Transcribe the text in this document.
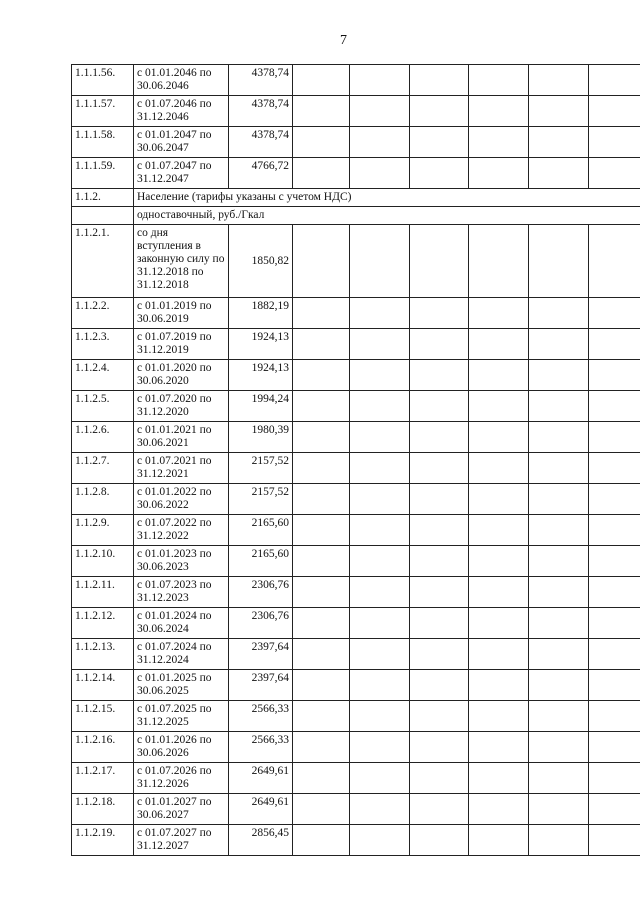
7
1.1.1.56.	с 01.01.2046 по 30.06.2046	4378,74						
1.1.1.57.	с 01.07.2046 по 31.12.2046	4378,74						
1.1.1.58.	с 01.01.2047 по 30.06.2047	4378,74						
1.1.1.59.	с 01.07.2047 по 31.12.2047	4766,72						
1.1.2.	Население (тарифы указаны с учетом НДС)							
	одноставочный, руб./Гкал							
1.1.2.1.	со дня вступления в законную силу по 31.12.2018 по 31.12.2018	1850,82						
1.1.2.2.	с 01.01.2019 по 30.06.2019	1882,19						
1.1.2.3.	с 01.07.2019 по 31.12.2019	1924,13						
1.1.2.4.	с 01.01.2020 по 30.06.2020	1924,13						
1.1.2.5.	с 01.07.2020 по 31.12.2020	1994,24						
1.1.2.6.	с 01.01.2021 по 30.06.2021	1980,39						
1.1.2.7.	с 01.07.2021 по 31.12.2021	2157,52						
1.1.2.8.	с 01.01.2022 по 30.06.2022	2157,52						
1.1.2.9.	с 01.07.2022 по 31.12.2022	2165,60						
1.1.2.10.	с 01.01.2023 по 30.06.2023	2165,60						
1.1.2.11.	с 01.07.2023 по 31.12.2023	2306,76						
1.1.2.12.	с 01.01.2024 по 30.06.2024	2306,76						
1.1.2.13.	с 01.07.2024 по 31.12.2024	2397,64						
1.1.2.14.	с 01.01.2025 по 30.06.2025	2397,64						
1.1.2.15.	с 01.07.2025 по 31.12.2025	2566,33						
1.1.2.16.	с 01.01.2026 по 30.06.2026	2566,33						
1.1.2.17.	с 01.07.2026 по 31.12.2026	2649,61						
1.1.2.18.	с 01.01.2027 по 30.06.2027	2649,61						
1.1.2.19.	с 01.07.2027 по 31.12.2027	2856,45						
